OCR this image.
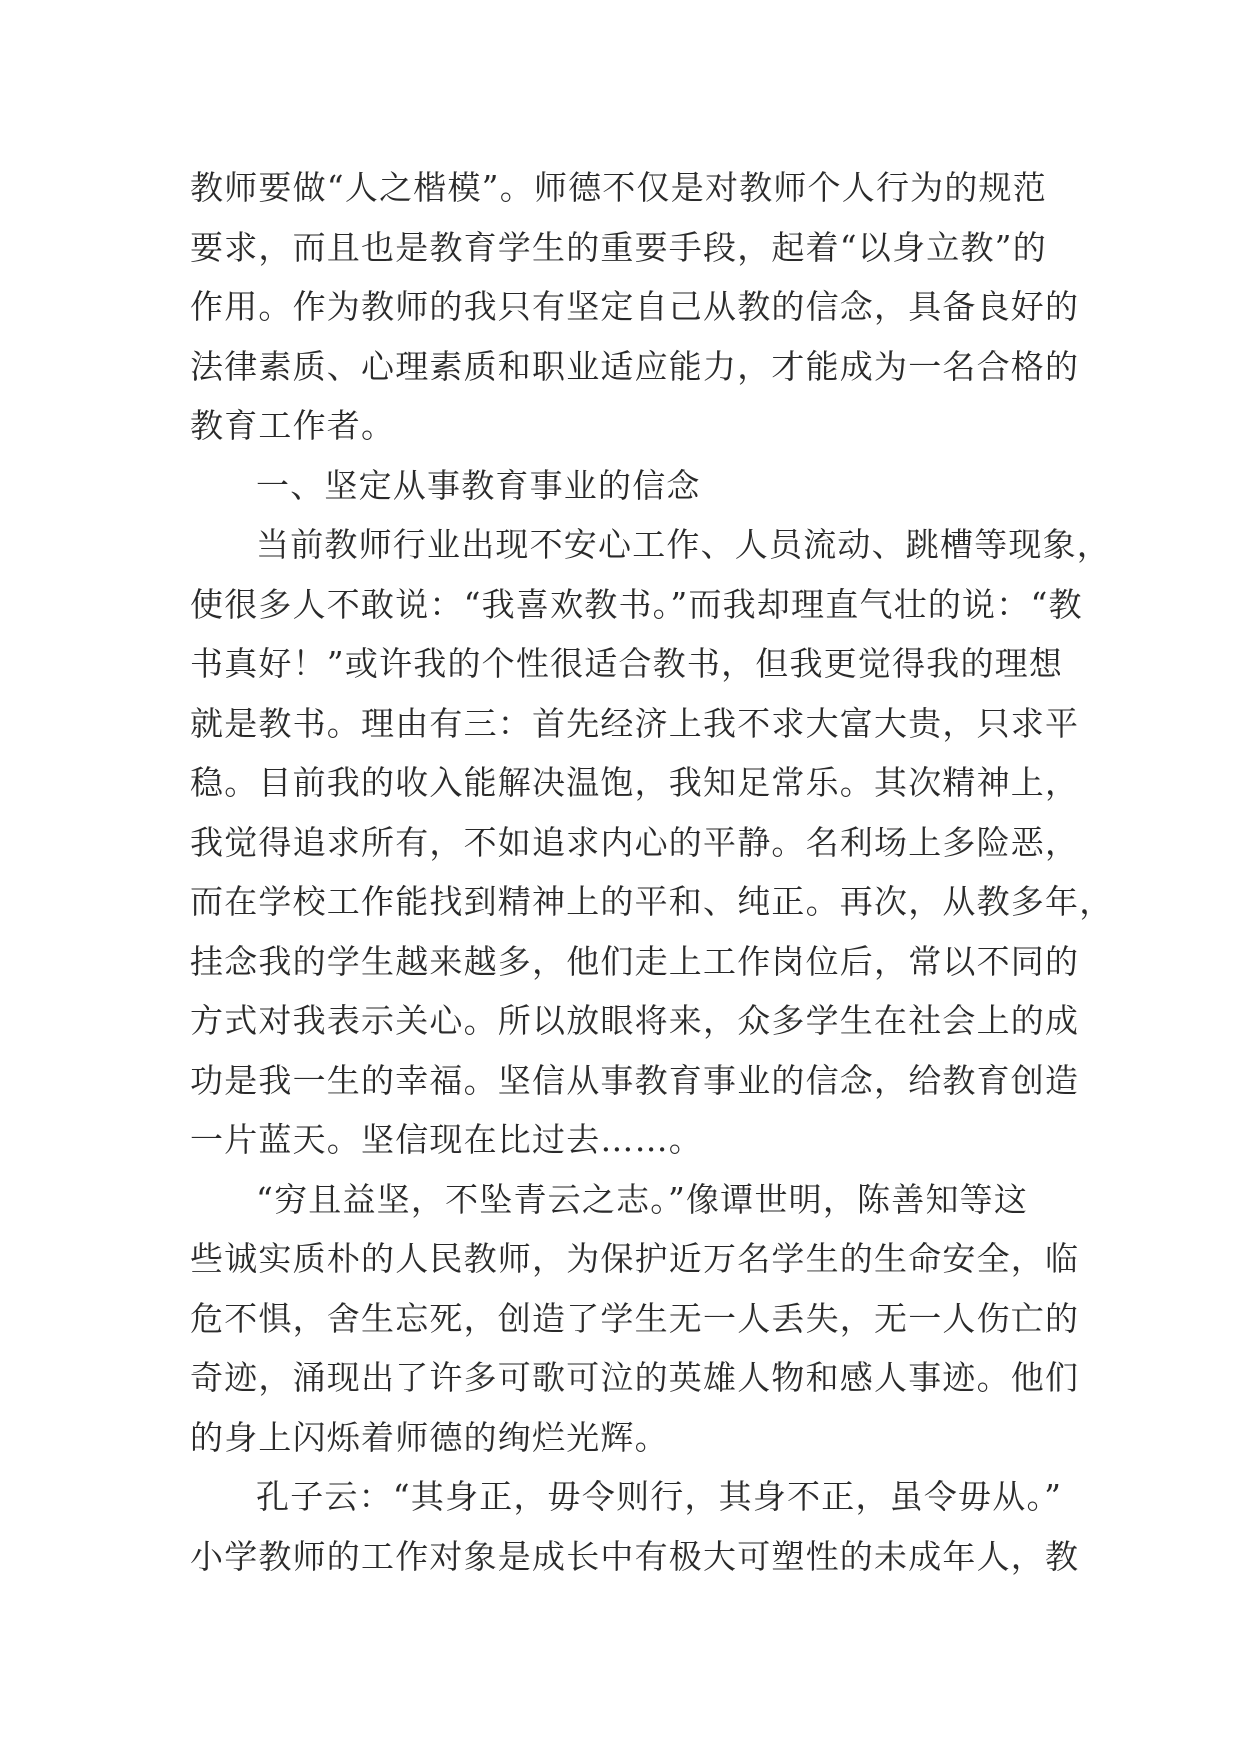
教师要做“人之楷模”。师德不仅是对教师个人行为的规范
要求，而且也是教育学生的重要手段，起着“以身立教”的
作用。作为教师的我只有坚定自己从教的信念，具备良好的
法律素质、心理素质和职业适应能力，才能成为一名合格的
教育工作者。
一、坚定从事教育事业的信念
当前教师行业出现不安心工作、人员流动、跳槽等现象，
使很多人不敢说：“我喜欢教书。”而我却理直气壮的说：“教
书真好！”或许我的个性很适合教书，但我更觉得我的理想
就是教书。理由有三：首先经济上我不求大富大贵，只求平
稳。目前我的收入能解决温饱，我知足常乐。其次精神上，
我觉得追求所有，不如追求内心的平静。名利场上多险恶，
而在学校工作能找到精神上的平和、纯正。再次，从教多年，
挂念我的学生越来越多，他们走上工作岗位后，常以不同的
方式对我表示关心。所以放眼将来，众多学生在社会上的成
功是我一生的幸福。坚信从事教育事业的信念，给教育创造
一片蓝天。坚信现在比过去……。
“穷且益坚，不坠青云之志。”像谭世明，陈善知等这
些诚实质朴的人民教师，为保护近万名学生的生命安全，临
危不惧，舍生忘死，创造了学生无一人丢失，无一人伤亡的
奇迹，涌现出了许多可歌可泣的英雄人物和感人事迹。他们
的身上闪烁着师德的绚烂光辉。
孔子云：“其身正，毋令则行，其身不正，虽令毋从。”
小学教师的工作对象是成长中有极大可塑性的未成年人，教
